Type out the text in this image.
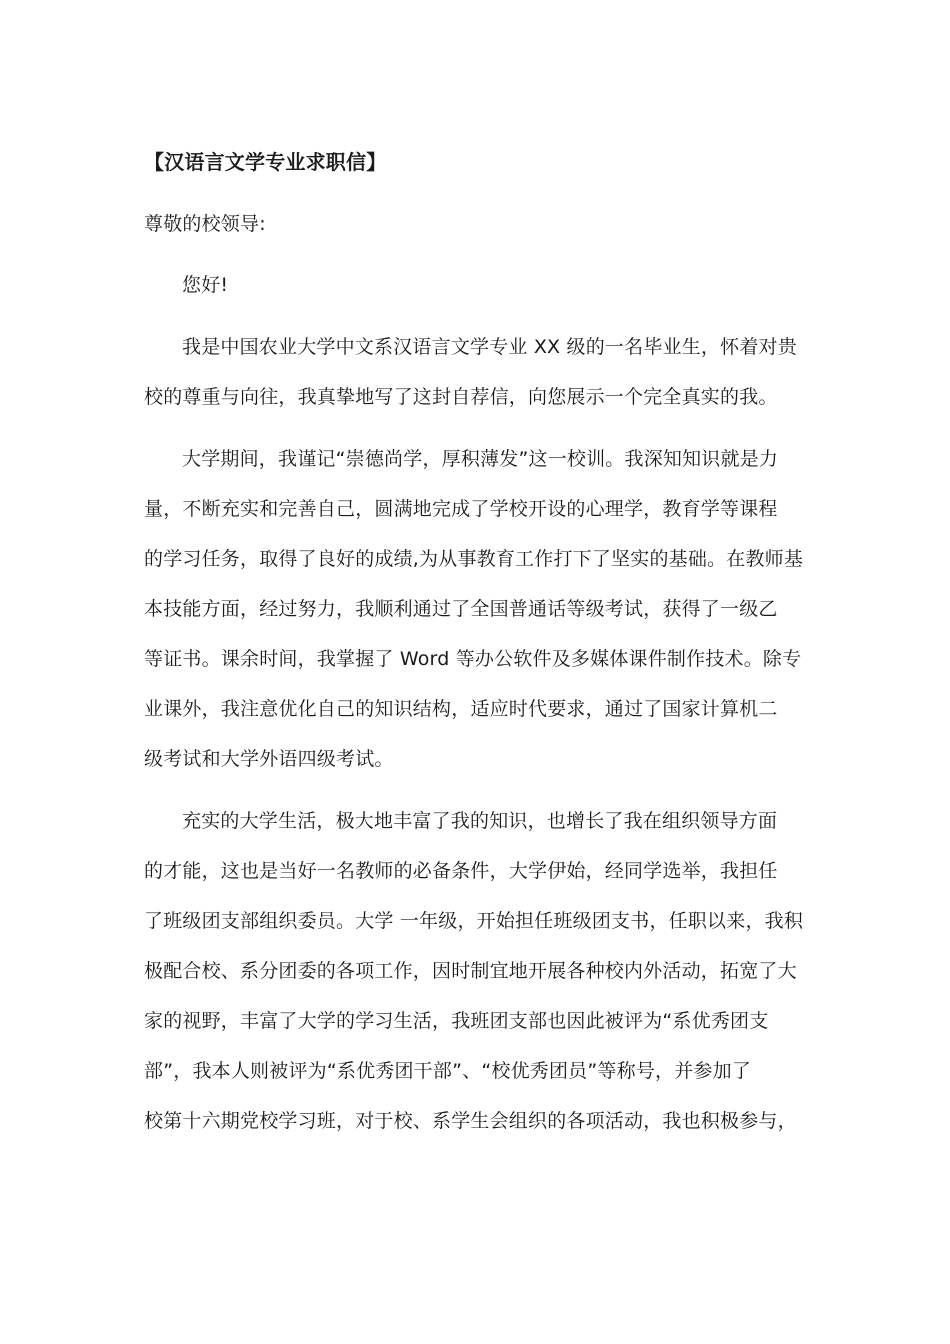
【汉语言文学专业求职信】
尊敬的校领导:
您好!
我是中国农业大学中文系汉语言文学专业 XX 级的一名毕业生，怀着对贵
校的尊重与向往，我真挚地写了这封自荐信，向您展示一个完全真实的我。
大学期间，我谨记“崇德尚学，厚积薄发”这一校训。我深知知识就是力
量，不断充实和完善自己，圆满地完成了学校开设的心理学，教育学等课程
的学习任务，取得了良好的成绩,为从事教育工作打下了坚实的基础。在教师基
本技能方面，经过努力，我顺利通过了全国普通话等级考试，获得了一级乙
等证书。课余时间，我掌握了 Word 等办公软件及多媒体课件制作技术。除专
业课外，我注意优化自己的知识结构，适应时代要求，通过了国家计算机二
级考试和大学外语四级考试。
充实的大学生活，极大地丰富了我的知识，也增长了我在组织领导方面
的才能，这也是当好一名教师的必备条件，大学伊始，经同学选举，我担任
了班级团支部组织委员。大学 一年级，开始担任班级团支书，任职以来，我积
极配合校、系分团委的各项工作，因时制宜地开展各种校内外活动，拓宽了大
家的视野，丰富了大学的学习生活，我班团支部也因此被评为“系优秀团支
部”，我本人则被评为“系优秀团干部”、“校优秀团员”等称号，并参加了
校第十六期党校学习班，对于校、系学生会组织的各项活动，我也积极参与，
